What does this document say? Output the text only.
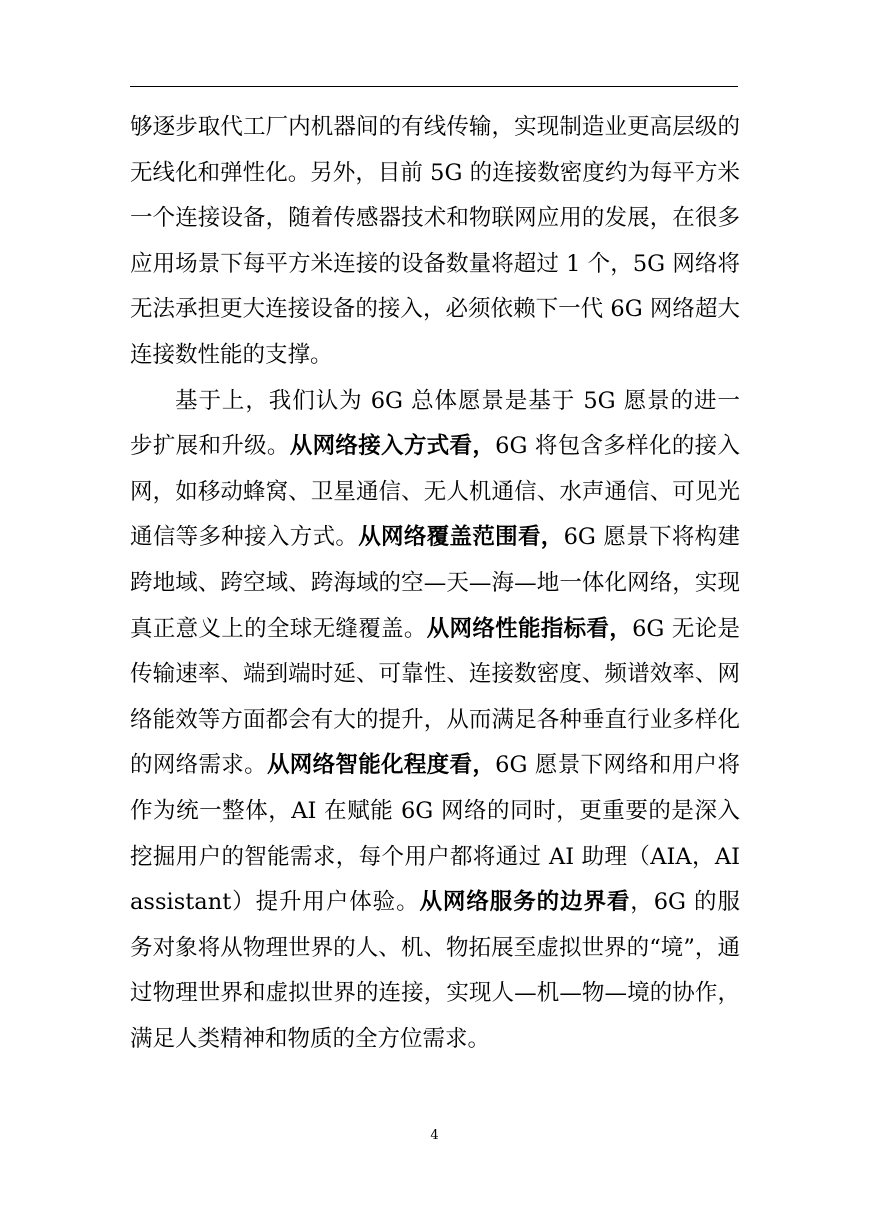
够逐步取代工厂内机器间的有线传输，实现制造业更高层级的无线化和弹性化。另外，目前 5G 的连接数密度约为每平方米一个连接设备，随着传感器技术和物联网应用的发展，在很多应用场景下每平方米连接的设备数量将超过 1 个，5G 网络将无法承担更大连接设备的接入，必须依赖下一代 6G 网络超大连接数性能的支撑。

基于上，我们认为 6G 总体愿景是基于 5G 愿景的进一步扩展和升级。从网络接入方式看，6G 将包含多样化的接入网，如移动蜂窝、卫星通信、无人机通信、水声通信、可见光通信等多种接入方式。从网络覆盖范围看，6G 愿景下将构建跨地域、跨空域、跨海域的空—天—海—地一体化网络，实现真正意义上的全球无缝覆盖。从网络性能指标看，6G 无论是传输速率、端到端时延、可靠性、连接数密度、频谱效率、网络能效等方面都会有大的提升，从而满足各种垂直行业多样化的网络需求。从网络智能化程度看，6G 愿景下网络和用户将作为统一整体，AI 在赋能 6G 网络的同时，更重要的是深入挖掘用户的智能需求，每个用户都将通过 AI 助理（AIA，AI assistant）提升用户体验。从网络服务的边界看，6G 的服务对象将从物理世界的人、机、物拓展至虚拟世界的“境”，通过物理世界和虚拟世界的连接，实现人—机—物—境的协作，满足人类精神和物质的全方位需求。

4
